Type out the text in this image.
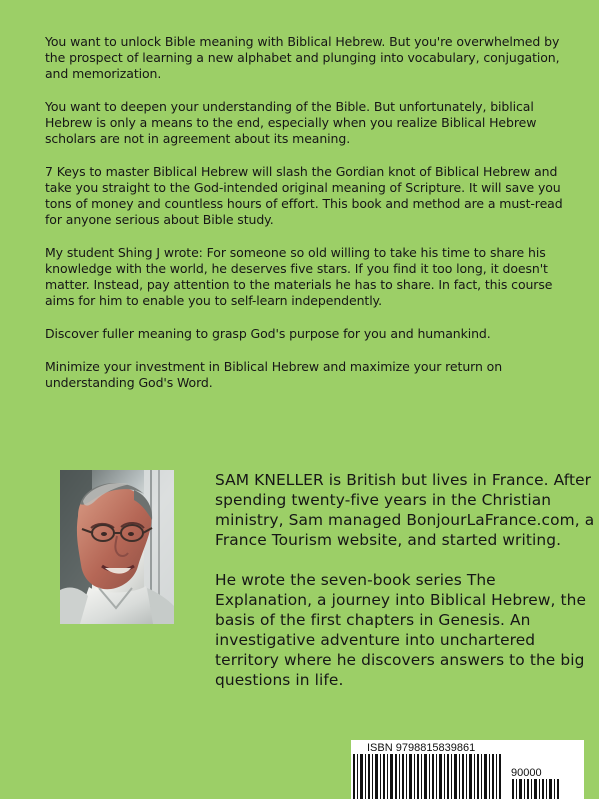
You want to unlock Bible meaning with Biblical Hebrew. But you're overwhelmed by the prospect of learning a new alphabet and plunging into vocabulary, conjugation, and memorization.

You want to deepen your understanding of the Bible. But unfortunately, biblical Hebrew is only a means to the end, especially when you realize Biblical Hebrew scholars are not in agreement about its meaning.

7 Keys to master Biblical Hebrew will slash the Gordian knot of Biblical Hebrew and take you straight to the God-intended original meaning of Scripture. It will save you tons of money and countless hours of effort. This book and method are a must-read for anyone serious about Bible study.

My student Shing J wrote: For someone so old willing to take his time to share his knowledge with the world, he deserves five stars. If you find it too long, it doesn't matter. Instead, pay attention to the materials he has to share. In fact, this course aims for him to enable you to self-learn independently.

Discover fuller meaning to grasp God's purpose for you and humankind.

Minimize your investment in Biblical Hebrew and maximize your return on understanding God's Word.

SAM KNELLER is British but lives in France. After spending twenty-five years in the Christian ministry, Sam managed BonjourLaFrance.com, a France Tourism website, and started writing.

He wrote the seven-book series The Explanation, a journey into Biblical Hebrew, the basis of the first chapters in Genesis. An investigative adventure into unchartered territory where he discovers answers to the big questions in life.

ISBN 9798815839861
90000
